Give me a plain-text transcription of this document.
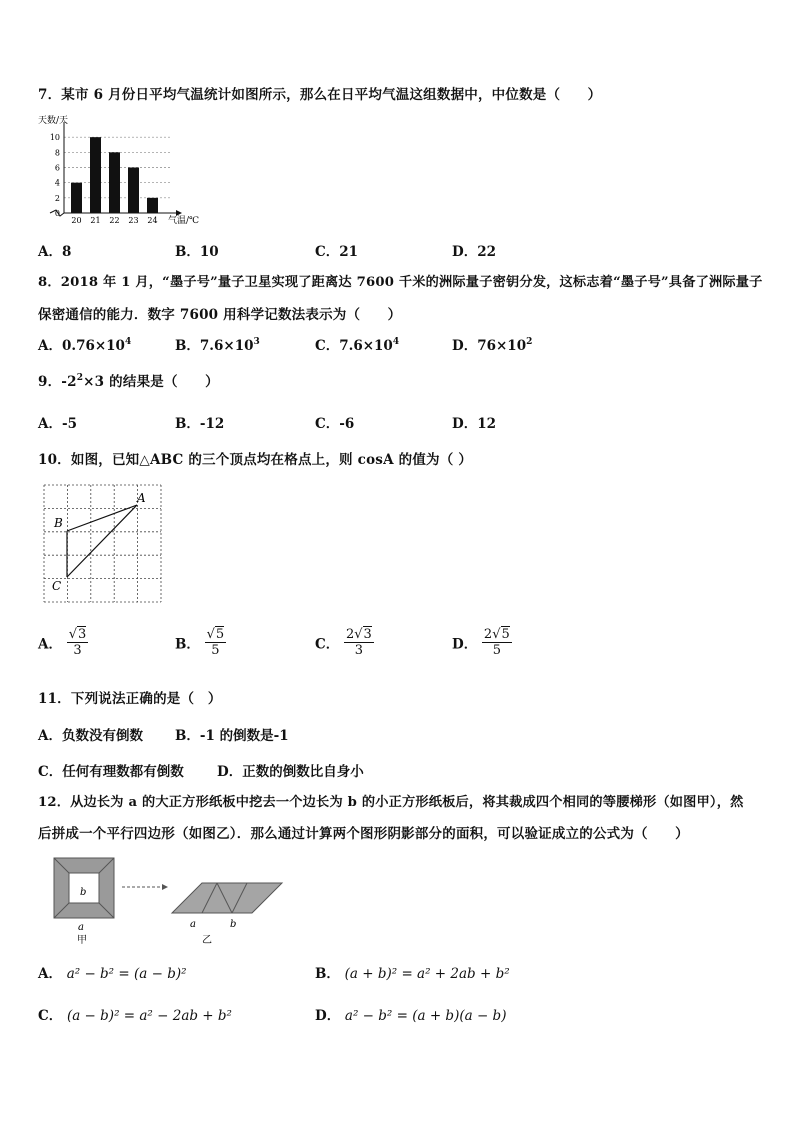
7．某市 6 月份日平均气温统计如图所示，那么在日平均气温这组数据中，中位数是（　　）
天数/天
0
2
4
6
8
10
20 21 22 23 24 气温/℃
A．8	B．10	C．21	D．22
8．2018 年 1 月，“墨子号”量子卫星实现了距离达 7600 千米的洲际量子密钥分发，这标志着“墨子号”具备了洲际量子
保密通信的能力．数字 7600 用科学记数法表示为（　　）
A．$0.76\times 10^4$	B．$7.6\times 10^3$	C．$7.6\times 10^4$	D．$76\times 10^2$
9．$-2^2\times 3$ 的结果是（　　）
A．-5	B．-12	C．-6	D．12
10．如图，已知△ABC 的三个顶点均在格点上，则 cosA 的值为（ ）
A
B
C
A． $\frac{√3}{3}$	B． $\frac{√5}{5}$	C． $\frac{2√3}{3}$	D． $\frac{2√5}{5}$
11．下列说法正确的是（　）
A．负数没有倒数 B．-1 的倒数是-1
C．任何有理数都有倒数 D．正数的倒数比自身小
12．从边长为 a 的大正方形纸板中挖去一个边长为 b 的小正方形纸板后，将其裁成四个相同的等腰梯形（如图甲），然
后拼成一个平行四边形（如图乙）．那么通过计算两个图形阴影部分的面积，可以验证成立的公式为（　　）
b
a
甲
a	b
乙
A． a² − b² = (a − b)²	B． (a + b)² = a² + 2ab + b²
C． (a − b)² = a² − 2ab + b²	D． a² − b² = (a + b)(a − b)
